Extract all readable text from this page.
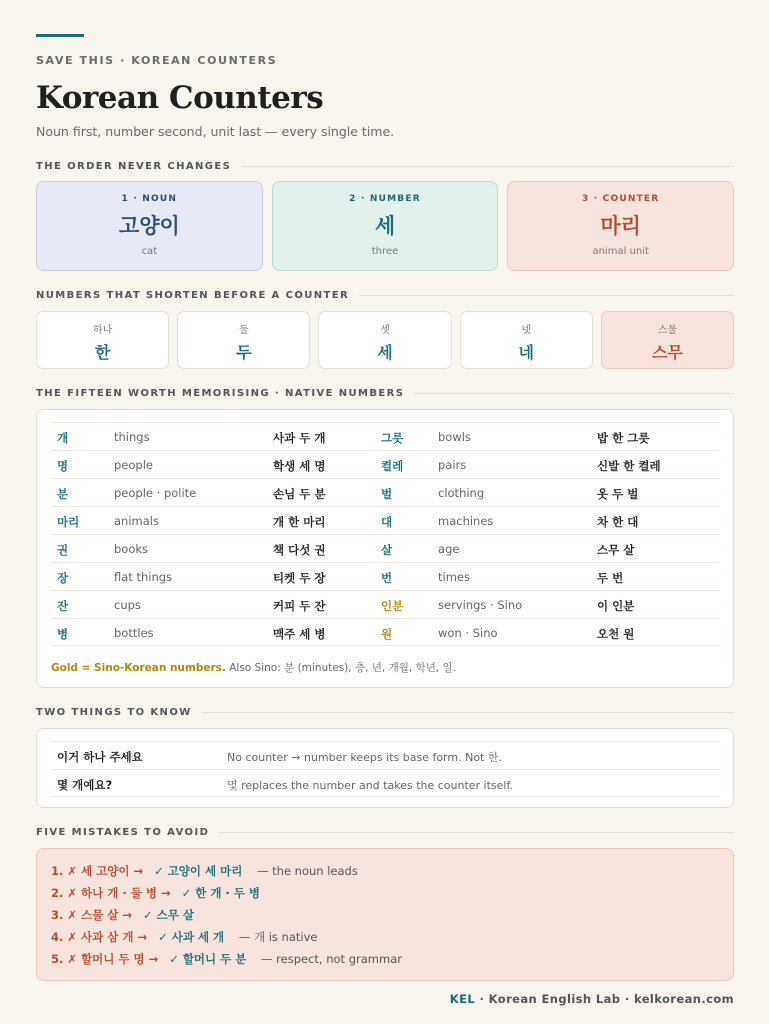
SAVE THIS · KOREAN COUNTERS
Korean Counters
Noun first, number second, unit last — every single time.
THE ORDER NEVER CHANGES
1 · NOUN
고양이
cat
2 · NUMBER
세
three
3 · COUNTER
마리
animal unit
NUMBERS THAT SHORTEN BEFORE A COUNTER
하나
한
둘
두
셋
세
넷
네
스물
스무
THE FIFTEEN WORTH MEMORISING · NATIVE NUMBERS
개	things	사과 두 개	그릇	bowls	밥 한 그릇
명	people	학생 세 명	켤레	pairs	신발 한 켤레
분	people · polite	손님 두 분	벌	clothing	옷 두 벌
마리	animals	개 한 마리	대	machines	차 한 대
권	books	책 다섯 권	살	age	스무 살
장	flat things	티켓 두 장	번	times	두 번
잔	cups	커피 두 잔	인분	servings · Sino	이 인분
병	bottles	맥주 세 병	원	won · Sino	오천 원
Gold = Sino-Korean numbers. Also Sino: 분 (minutes), 층, 년, 개월, 학년, 일.
TWO THINGS TO KNOW
이거 하나 주세요	No counter → number keeps its base form. Not 한.
몇 개예요?	몇 replaces the number and takes the counter itself.
FIVE MISTAKES TO AVOID
1. ✗ 세 고양이 → ✓ 고양이 세 마리 — the noun leads
2. ✗ 하나 개 · 둘 병 → ✓ 한 개 · 두 병
3. ✗ 스물 살 → ✓ 스무 살
4. ✗ 사과 삼 개 → ✓ 사과 세 개 — 개 is native
5. ✗ 할머니 두 명 → ✓ 할머니 두 분 — respect, not grammar
KEL · Korean English Lab · kelkorean.com
